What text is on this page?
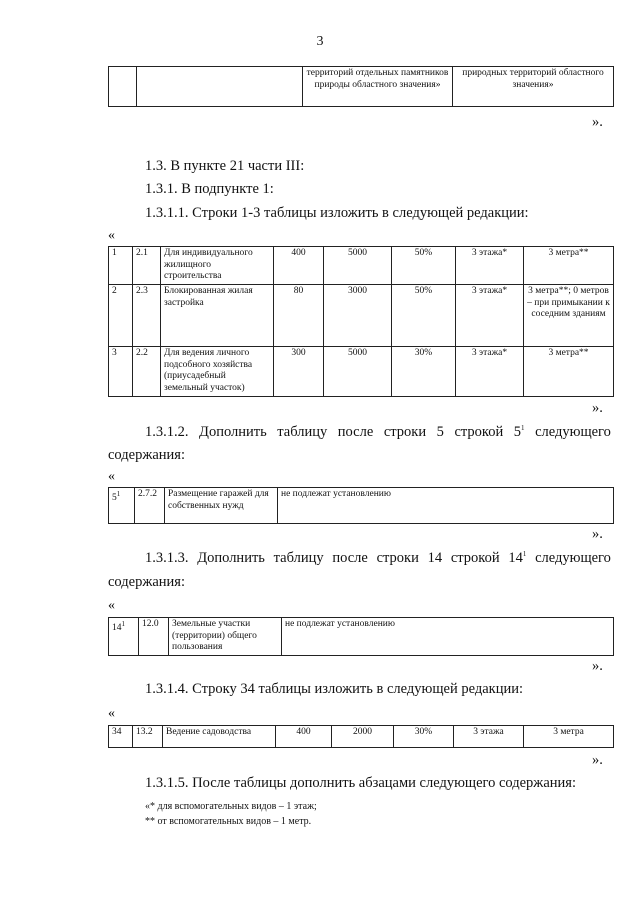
3
		территорий отдельных памятников природы областного значения»	природных территорий областного значения»
».
1.3. В пункте 21 части III:
1.3.1. В подпункте 1:
1.3.1.1. Строки 1-3 таблицы изложить в следующей редакции:
«
1	2.1	Для индивидуального жилищного строительства	400	5000	50%	3 этажа*	3 метра**
2	2.3	Блокированная жилая застройка	80	3000	50%	3 этажа*	3 метра**; 0 метров – при примыкании к соседним зданиям
3	2.2	Для ведения личного подсобного хозяйства (приусадебный земельный участок)	300	5000	30%	3 этажа*	3 метра**
».
1.3.1.2. Дополнить таблицу после строки 5 строкой $5^1$ следующего
содержания:
«
$5^1$	2.7.2	Размещение гаражей для собственных нужд	не подлежат установлению
».
1.3.1.3. Дополнить таблицу после строки 14 строкой $14^1$ следующего
содержания:
«
$14^1$	12.0	Земельные участки (территории) общего пользования	не подлежат установлению
».
1.3.1.4. Строку 34 таблицы изложить в следующей редакции:
«
34	13.2	Ведение садоводства	400	2000	30%	3 этажа	3 метра
».
1.3.1.5. После таблицы дополнить абзацами следующего содержания:
«* для вспомогательных видов – 1 этаж;
** от вспомогательных видов – 1 метр.
